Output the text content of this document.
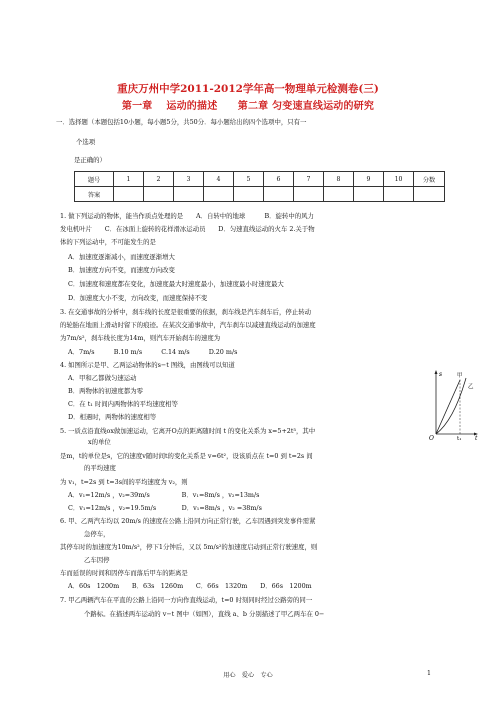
重庆万州中学2011-2012学年高一物理单元检测卷(三)
第一章　 运动的描述　　第二章 匀变速直线运动的研究
一．选择题（本题包括10小题，每小题5分，共50分．每小题给出的四个选项中，只有一
个选项
是正确的）
题号	1	2	3	4	5	6	7	8	9	10	分数
答案											
1. 做下列运动的物体，能当作质点处理的是　　A．自转中的地球　　　B．旋转中的风力
发电机叶片　　C．在冰面上旋转的花样滑冰运动员　　D．匀速直线运动的火车 2.关于物
体的下列运动中，不可能发生的是
A．加速度逐渐减小，而速度逐渐增大
B．加速度方向不变，而速度方向改变
C．加速度和速度都在变化，加速度最大时速度最小，加速度最小时速度最大
D．加速度大小不变，方向改变，而速度保持不变
3. 在交通事故的分析中，刹车线的长度是很重要的依据，刹车线是汽车刹车后，停止转动
的轮胎在地面上滑动时留下的痕迹。在某次交通事故中，汽车刹车以减速直线运动的加速度
为7m/s²，刹车线长度为14m，则汽车开始刹车的速度为
A．7m/s　　　B.10 m/s　　　C.14 m/s　　　D.20 m/s
4. 如图所示是甲、乙两运动物体的s−t 图线，由图线可以知道
A．甲和乙都做匀速运动
B．两物体的初速度都为零
C．在 t₁ 时间内两物体的平均速度相等
D．相遇时，两物体的速度相等
5. 一质点沿直线ox做加速运动，它离开O点的距离随时间 t 的变化关系为 x=5+2t³，其中
x的单位
是m，t的单位是s，它的速度v随时间t的变化关系是 v=6t²，设该质点在 t=0 到 t=2s 间
的平均速度
为 v₁，t=2s 到 t=3s间的平均速度为 v₂，则
A．v₁=12m/s ，v₂=39m/s　　　　　B．v₁=8m/s ，v₂=13m/s
C．v₁=12m/s ，v₂=19.5m/s　　　　D．v₁=8m/s ，v₂ =38m/s
6. 甲、乙两汽车均以 20m/s 的速度在公路上沿同方向正常行驶，乙车因遇到突发事件需紧
急停车，
其停车时的加速度为10m/s²，停下1分钟后，又以 5m/s²的加速度启动到正常行驶速度，则
乙车因停
车而延误的时间和因停车而落后甲车的距离是
A．60s　1200m　　B．63s　1260m　　C．66s　1320m　　D．66s　1200m
7. 甲乙两辆汽车在平直的公路上沿同一方向作直线运动，t=0 时刻同时经过公路旁的同一
个路标。在描述两车运动的 v−t 图中（如图），直线 a、b 分别描述了甲乙两车在 0−
s
t
O
甲
乙
t₁
用心　爱心　专心	1
